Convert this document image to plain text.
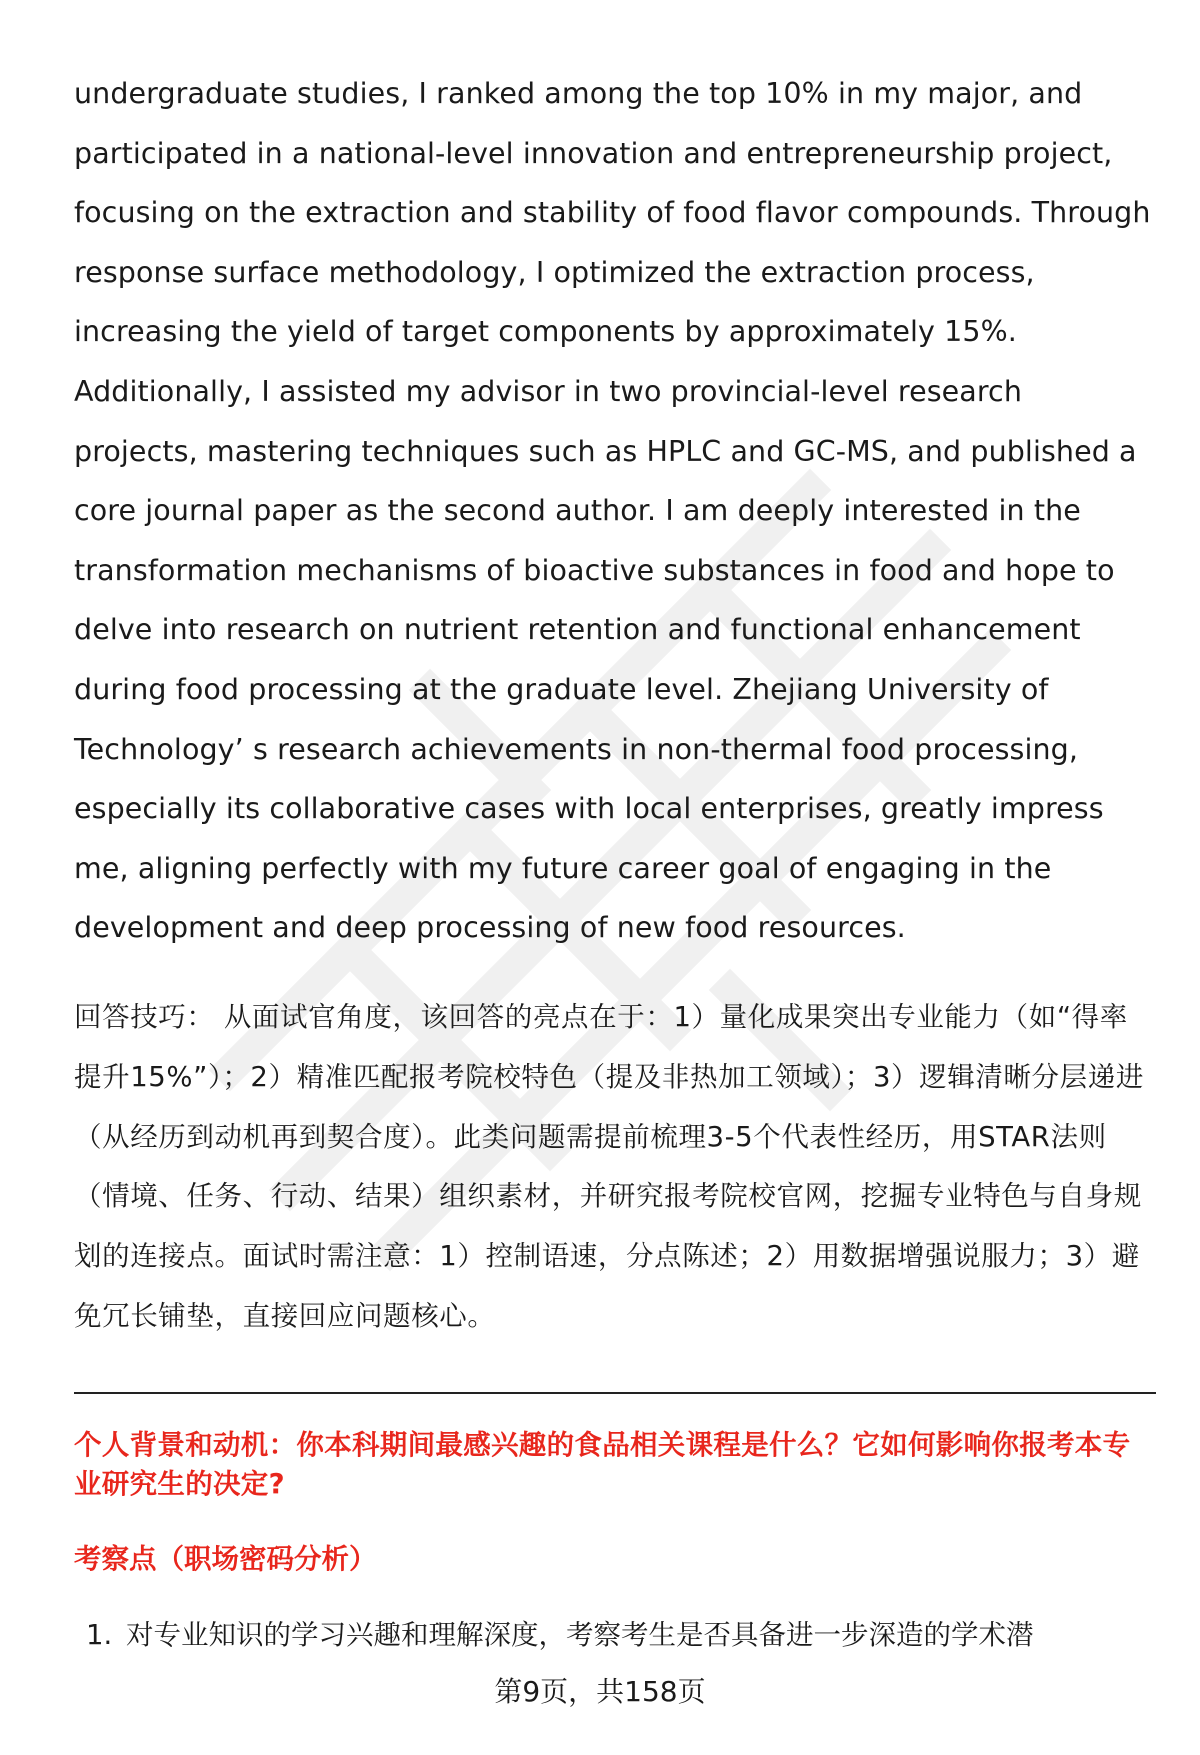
undergraduate studies, I ranked among the top 10% in my major, and participated in a national-level innovation and entrepreneurship project, focusing on the extraction and stability of food flavor compounds. Through response surface methodology, I optimized the extraction process, increasing the yield of target components by approximately 15%. Additionally, I assisted my advisor in two provincial-level research projects, mastering techniques such as HPLC and GC-MS, and published a core journal paper as the second author. I am deeply interested in the transformation mechanisms of bioactive substances in food and hope to delve into research on nutrient retention and functional enhancement during food processing at the graduate level. Zhejiang University of Technology’ s research achievements in non-thermal food processing, especially its collaborative cases with local enterprises, greatly impress me, aligning perfectly with my future career goal of engaging in the development and deep processing of new food resources.

回答技巧： 从面试官角度，该回答的亮点在于：1）量化成果突出专业能力（如“得率提升15%”）；2）精准匹配报考院校特色（提及非热加工领域）；3）逻辑清晰分层递进（从经历到动机再到契合度）。此类问题需提前梳理3-5个代表性经历，用STAR法则（情境、任务、行动、结果）组织素材，并研究报考院校官网，挖掘专业特色与自身规划的连接点。面试时需注意：1）控制语速，分点陈述；2）用数据增强说服力；3）避免冗长铺垫，直接回应问题核心。

个人背景和动机：你本科期间最感兴趣的食品相关课程是什么？它如何影响你报考本专业研究生的决定?

考察点（职场密码分析）

1. 对专业知识的学习兴趣和理解深度，考察考生是否具备进一步深造的学术潜
第9页，共158页
